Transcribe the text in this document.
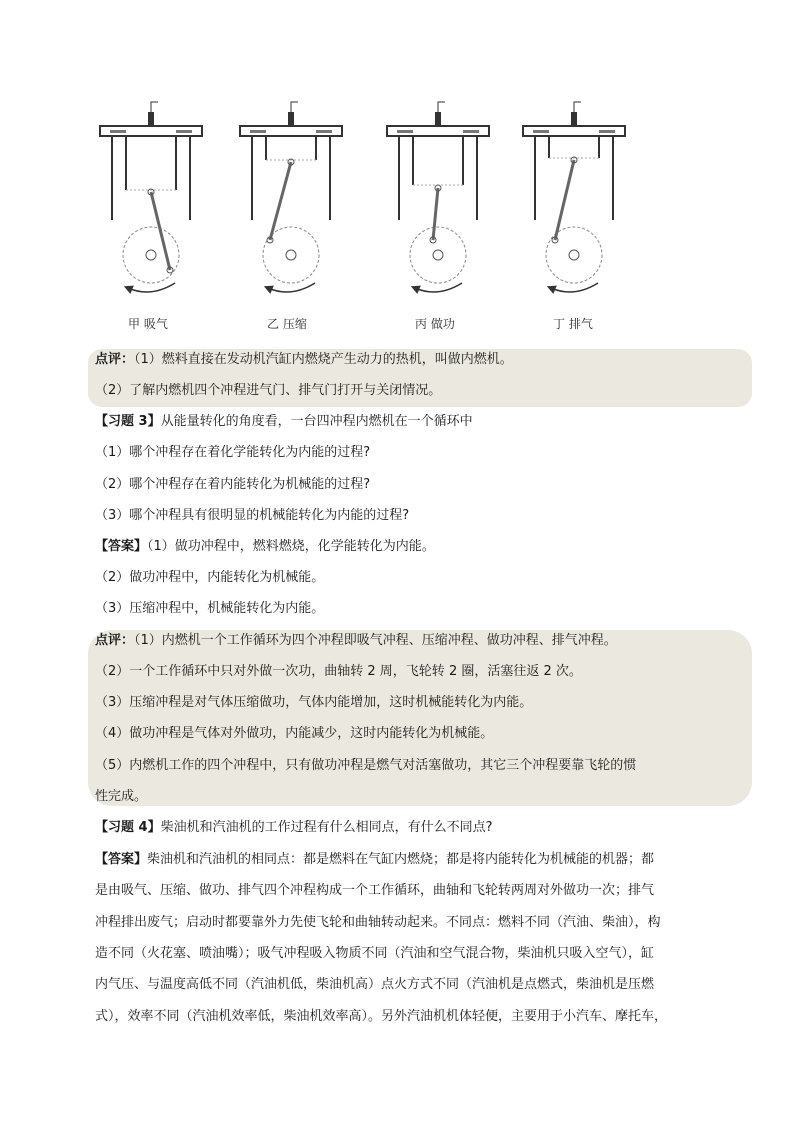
甲 吸气	乙 压缩	丙 做功	丁 排气
点评：（1）燃料直接在发动机汽缸内燃烧产生动力的热机，叫做内燃机。
（2）了解内燃机四个冲程进气门、排气门打开与关闭情况。
【习题 3】从能量转化的角度看，一台四冲程内燃机在一个循环中
（1）哪个冲程存在着化学能转化为内能的过程?
（2）哪个冲程存在着内能转化为机械能的过程?
（3）哪个冲程具有很明显的机械能转化为内能的过程?
【答案】（1）做功冲程中，燃料燃烧，化学能转化为内能。
（2）做功冲程中，内能转化为机械能。
（3）压缩冲程中，机械能转化为内能。
点评：（1）内燃机一个工作循环为四个冲程即吸气冲程、压缩冲程、做功冲程、排气冲程。
（2）一个工作循环中只对外做一次功，曲轴转 2 周，飞轮转 2 圈，活塞往返 2 次。
（3）压缩冲程是对气体压缩做功，气体内能增加，这时机械能转化为内能。
（4）做功冲程是气体对外做功，内能减少，这时内能转化为机械能。
（5）内燃机工作的四个冲程中，只有做功冲程是燃气对活塞做功，其它三个冲程要靠飞轮的惯
性完成。
【习题 4】柴油机和汽油机的工作过程有什么相同点，有什么不同点?
【答案】柴油机和汽油机的相同点：都是燃料在气缸内燃烧；都是将内能转化为机械能的机器；都
是由吸气、压缩、做功、排气四个冲程构成一个工作循环，曲轴和飞轮转两周对外做功一次；排气
冲程排出废气；启动时都要靠外力先使飞轮和曲轴转动起来。不同点：燃料不同（汽油、柴油），构
造不同（火花塞、喷油嘴）；吸气冲程吸入物质不同（汽油和空气混合物，柴油机只吸入空气），缸
内气压、与温度高低不同（汽油机低，柴油机高）点火方式不同（汽油机是点燃式，柴油机是压燃
式），效率不同（汽油机效率低，柴油机效率高）。另外汽油机机体轻便，主要用于小汽车、摩托车，
